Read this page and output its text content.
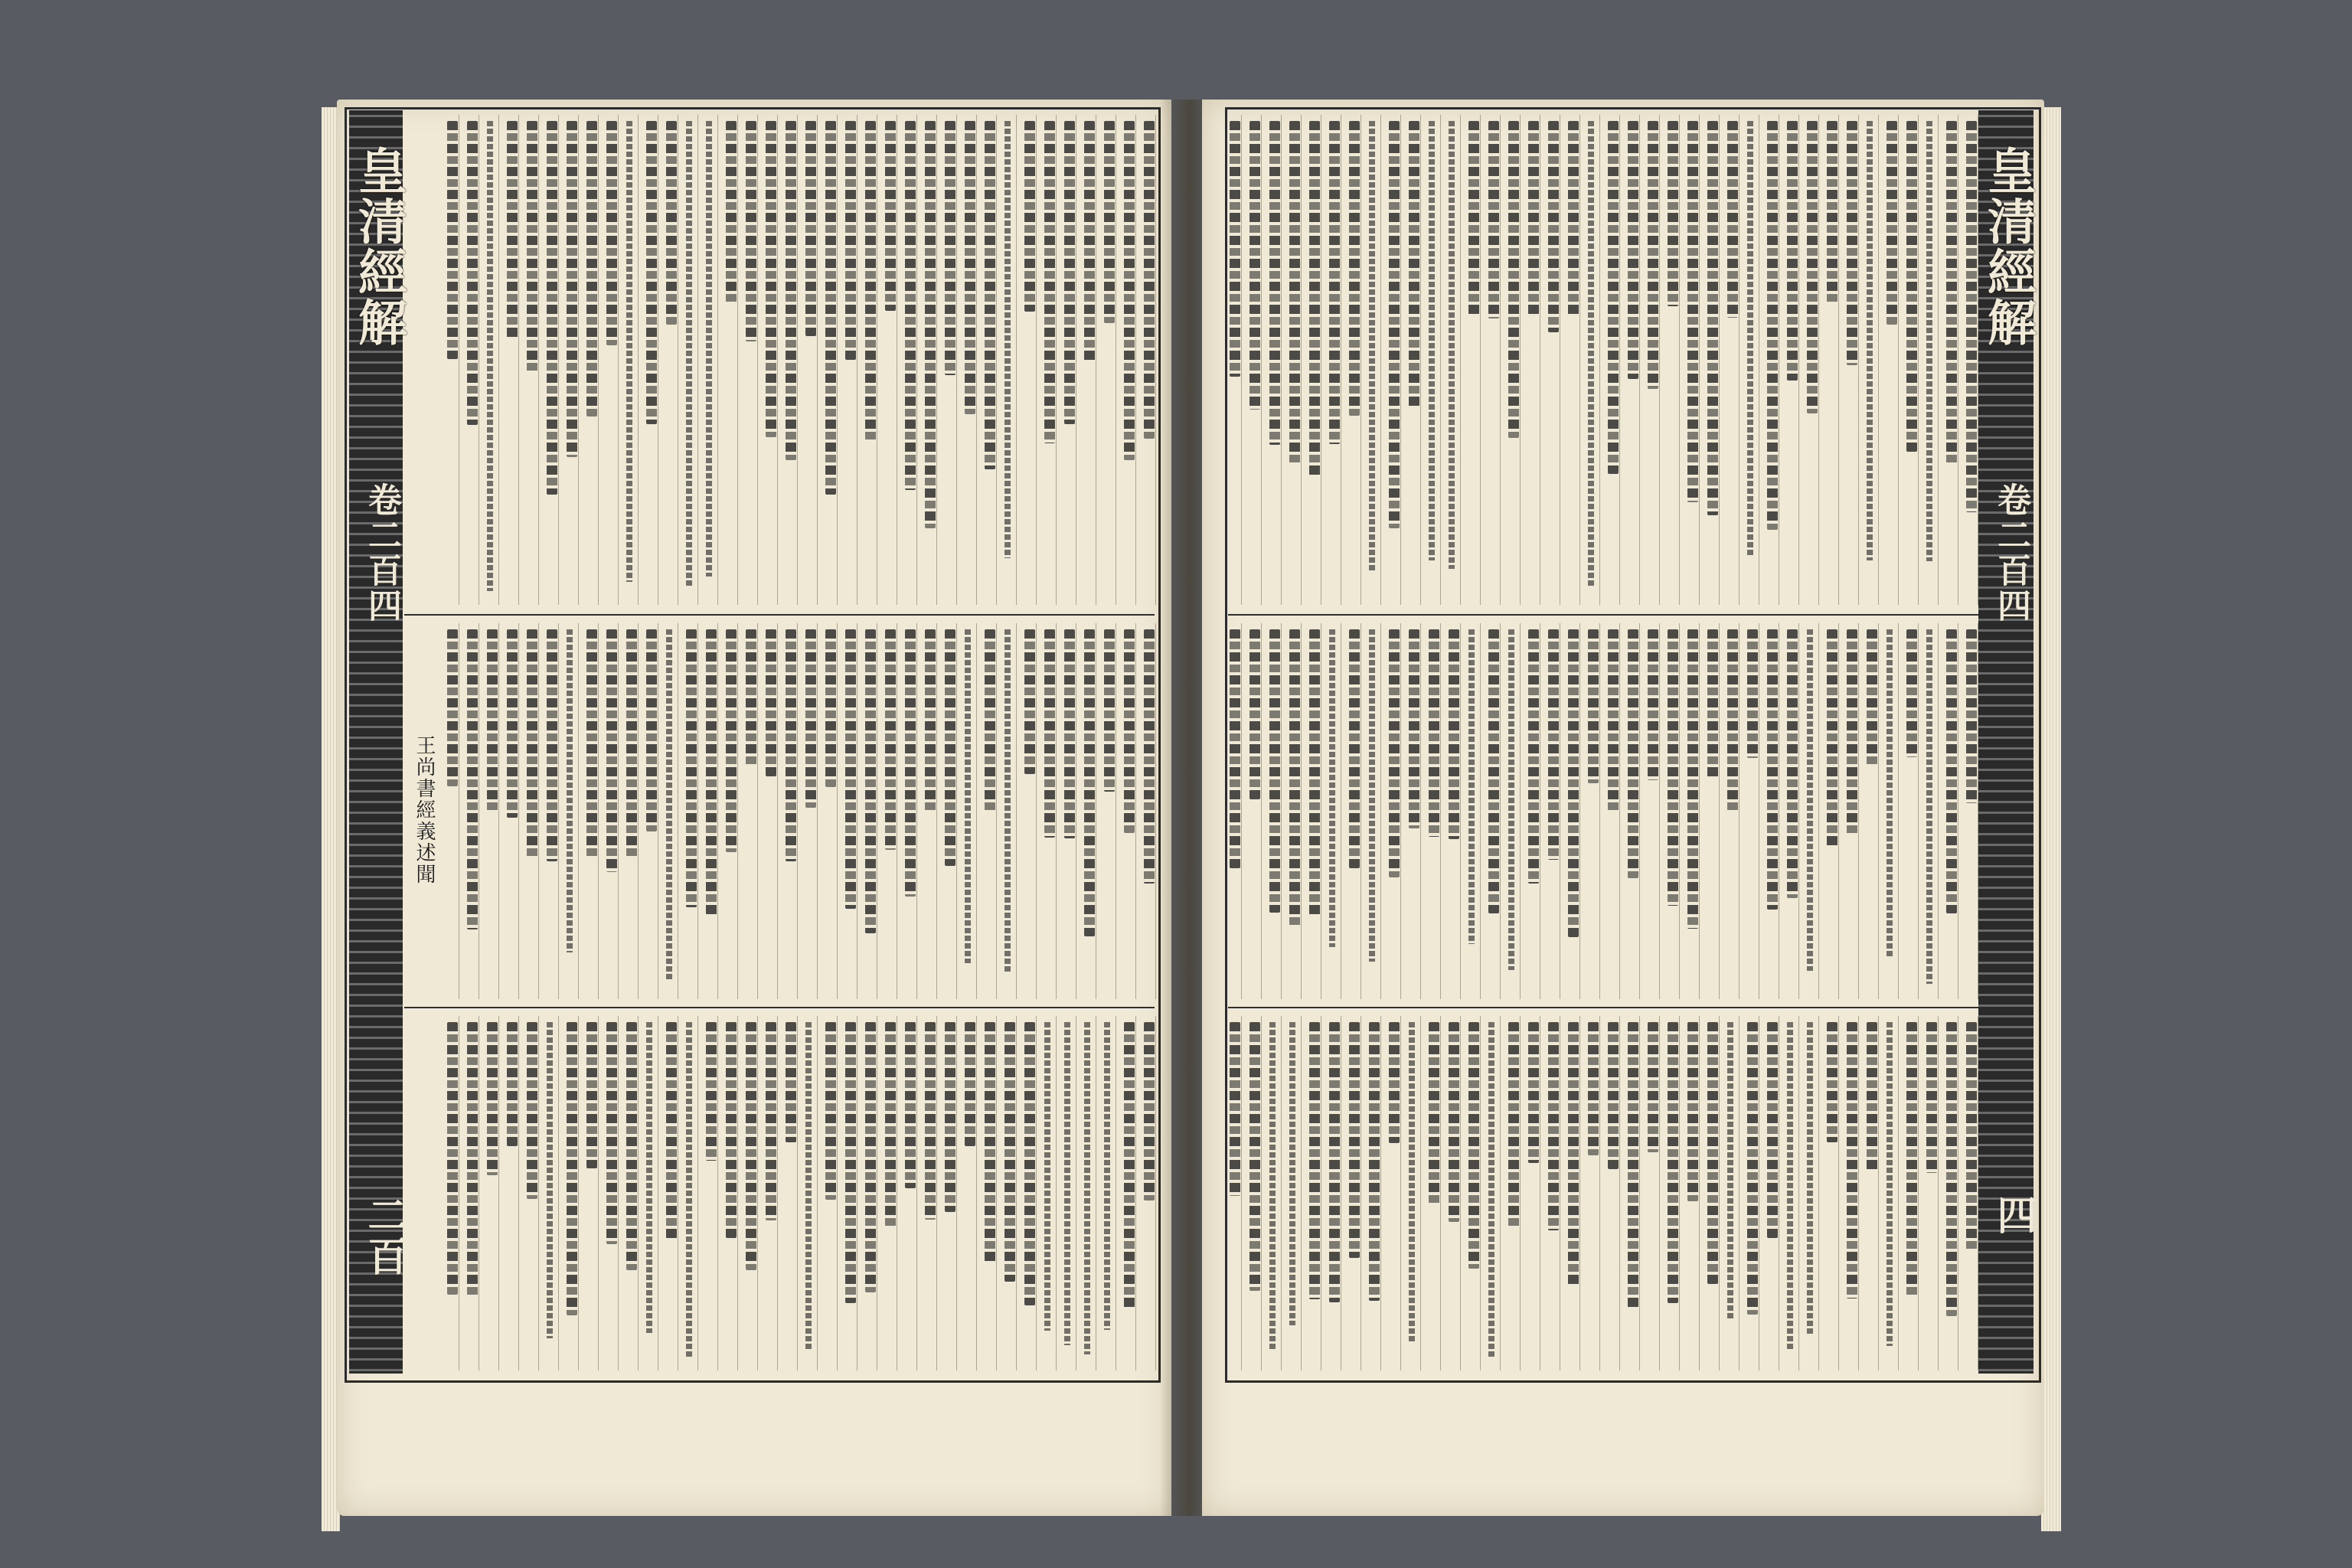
皇清經解
卷二百四
王尚書經義述聞
二百
皇清經解
卷二百四
四
